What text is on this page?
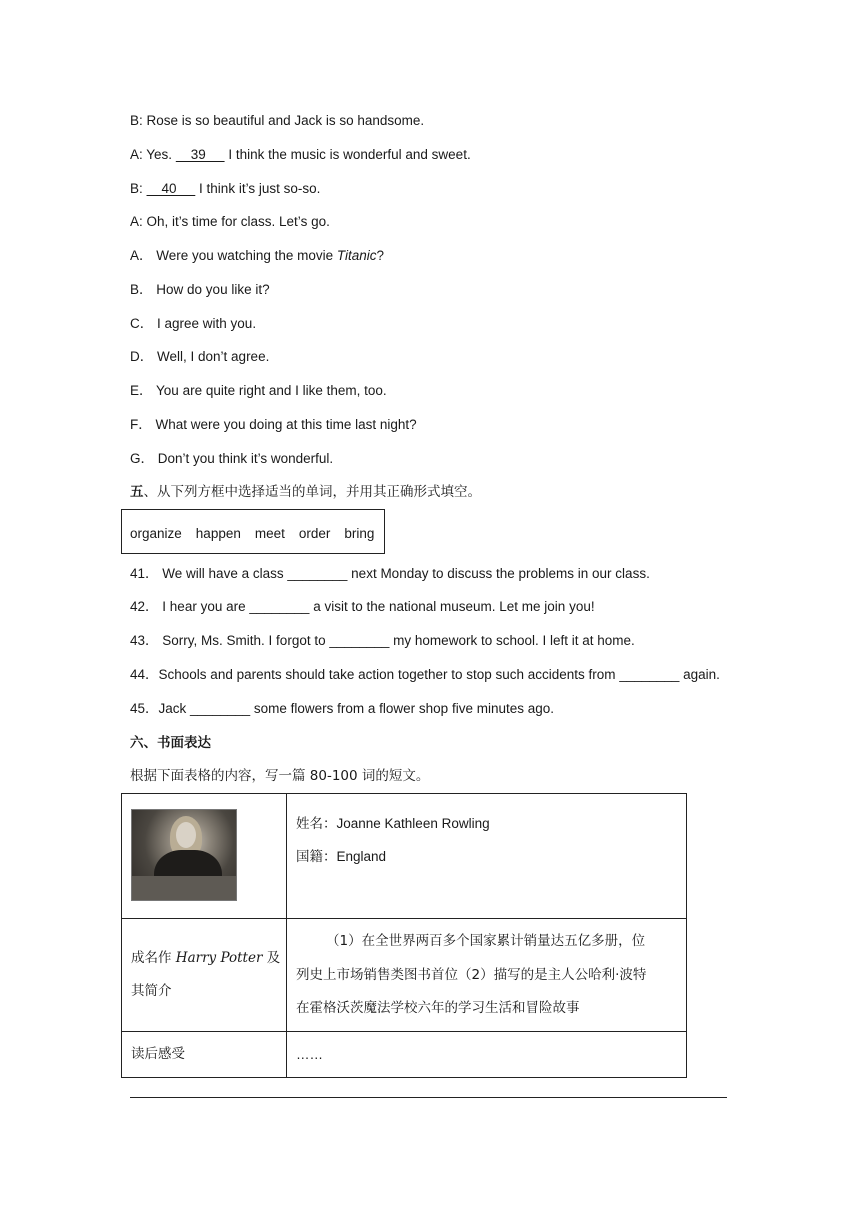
B: Rose is so beautiful and Jack is so handsome.
A: Yes.     39      I think the music is wonderful and sweet.
B:     40      I think it’s just so-so.
A: Oh, it’s time for class. Let’s go.
A． Were you watching the movie Titanic?
B． How do you like it?
C． I agree with you.
D． Well, I don’t agree.
E． You are quite right and I like them, too.
F． What were you doing at this time last night?
G． Don’t you think it’s wonderful.
五、从下列方框中选择适当的单词，并用其正确形式填空。
organize happen meet order bring
41． We will have a class ________ next Monday to discuss the problems in our class.
42． I hear you are ________ a visit to the national museum. Let me join you!
43． Sorry, Ms. Smith. I forgot to ________ my homework to school. I left it at home.
44．Schools and parents should take action together to stop such accidents from ________ again.
45．Jack ________ some flowers from a flower shop five minutes ago.
六、书面表达
根据下面表格的内容，写一篇 80-100 词的短文。
姓名：Joanne Kathleen Rowling
国籍：England
成名作 Harry Potter 及
其简介
（1）在全世界两百多个国家累计销量达五亿多册，位
列史上市场销售类图书首位（2）描写的是主人公哈利·波特
在霍格沃茨魔法学校六年的学习生活和冒险故事
读后感受	……
